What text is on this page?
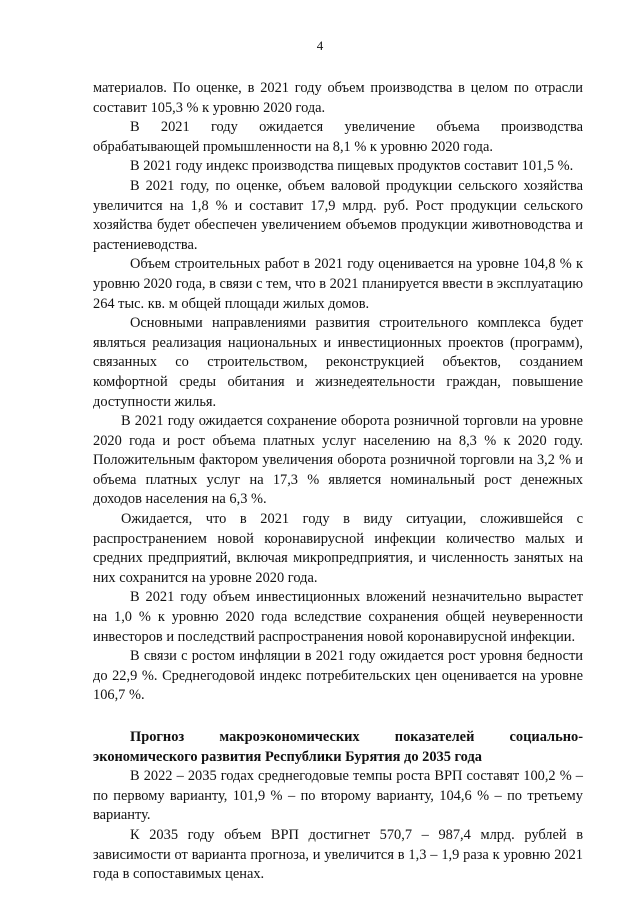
4

материалов. По оценке, в 2021 году объем производства в целом по отрасли составит 105,3 % к уровню 2020 года.

В 2021 году ожидается увеличение объема производства обрабатывающей промышленности на 8,1 % к уровню 2020 года.

В 2021 году индекс производства пищевых продуктов составит 101,5 %.

В 2021 году, по оценке, объем валовой продукции сельского хозяйства увеличится на 1,8 % и составит 17,9 млрд. руб. Рост продукции сельского хозяйства будет обеспечен увеличением объемов продукции животноводства и растениеводства.

Объем строительных работ в 2021 году оценивается на уровне 104,8 % к уровню 2020 года, в связи с тем, что в 2021 планируется ввести в эксплуатацию 264 тыс. кв. м общей площади жилых домов.

Основными направлениями развития строительного комплекса будет являться реализация национальных и инвестиционных проектов (программ), связанных со строительством, реконструкцией объектов, созданием комфортной среды обитания и жизнедеятельности граждан, повышение доступности жилья.

В 2021 году ожидается сохранение оборота розничной торговли на уровне 2020 года и рост объема платных услуг населению на 8,3 % к 2020 году. Положительным фактором увеличения оборота розничной торговли на 3,2 % и объема платных услуг на 17,3 % является номинальный рост денежных доходов населения на 6,3 %.

Ожидается, что в 2021 году в виду ситуации, сложившейся с распространением новой коронавирусной инфекции количество малых и средних предприятий, включая микропредприятия, и численность занятых на них сохранится на уровне 2020 года.

В 2021 году объем инвестиционных вложений незначительно вырастет на 1,0 % к уровню 2020 года вследствие сохранения общей неуверенности инвесторов и последствий распространения новой коронавирусной инфекции.

В связи с ростом инфляции в 2021 году ожидается рост уровня бедности до 22,9 %. Среднегодовой индекс потребительских цен оценивается на уровне 106,7 %.

Прогноз макроэкономических показателей социально-экономического развития Республики Бурятия до 2035 года

В 2022 – 2035 годах среднегодовые темпы роста ВРП составят 100,2 % – по первому варианту, 101,9 % – по второму варианту, 104,6 % – по третьему варианту.

К 2035 году объем ВРП достигнет 570,7 – 987,4 млрд. рублей в зависимости от варианта прогноза, и увеличится в 1,3 – 1,9 раза к уровню 2021 года в сопоставимых ценах.
